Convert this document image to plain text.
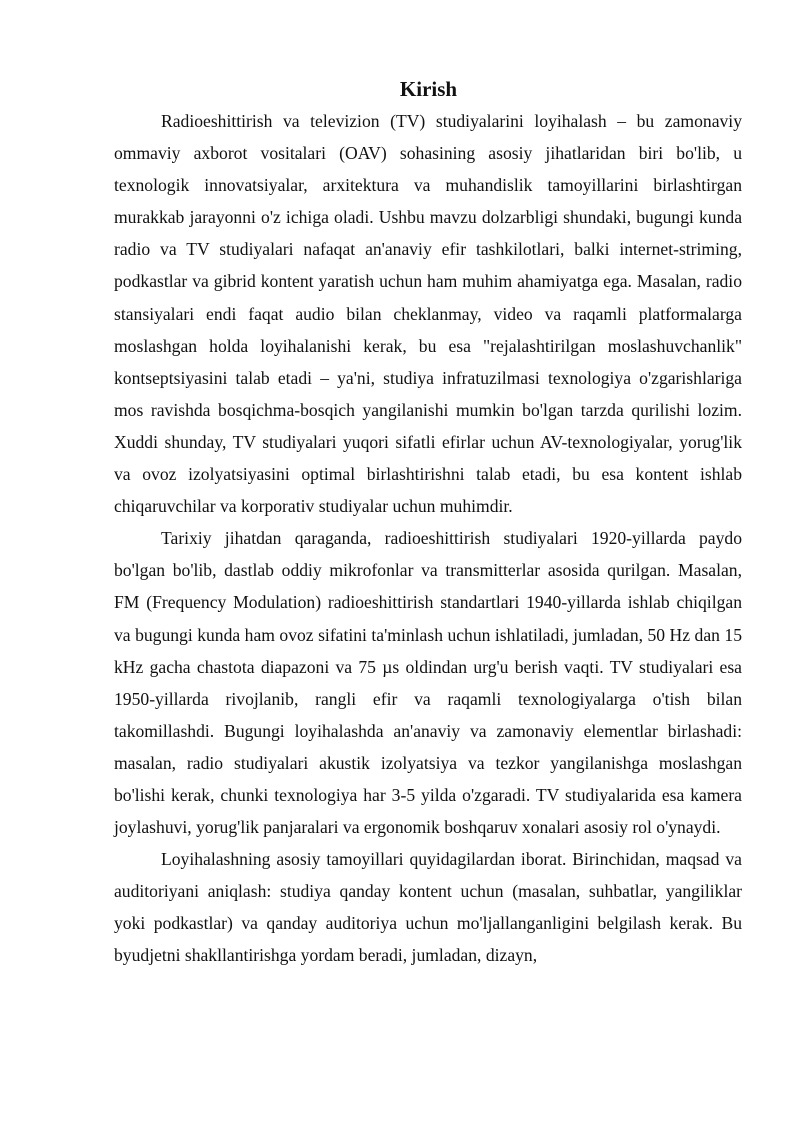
Kirish

Radioeshittirish va televizion (TV) studiyalarini loyihalash – bu zamonaviy ommaviy axborot vositalari (OAV) sohasining asosiy jihatlaridan biri bo'lib, u texnologik innovatsiyalar, arxitektura va muhandislik tamoyillarini birlashtirgan murakkab jarayonni o'z ichiga oladi. Ushbu mavzu dolzarbligi shundaki, bugungi kunda radio va TV studiyalari nafaqat an'anaviy efir tashkilotlari, balki internet-striming, podkastlar va gibrid kontent yaratish uchun ham muhim ahamiyatga ega. Masalan, radio stansiyalari endi faqat audio bilan cheklanmay, video va raqamli platformalarga moslashgan holda loyihalanishi kerak, bu esa "rejalashtirilgan moslashuvchanlik" kontseptsiyasini talab etadi – ya'ni, studiya infratuzilmasi texnologiya o'zgarishlariga mos ravishda bosqichma-bosqich yangilanishi mumkin bo'lgan tarzda qurilishi lozim. Xuddi shunday, TV studiyalari yuqori sifatli efirlar uchun AV-texnologiyalar, yorug'lik va ovoz izolyatsiyasini optimal birlashtirishni talab etadi, bu esa kontent ishlab chiqaruvchilar va korporativ studiyalar uchun muhimdir.

Tarixiy jihatdan qaraganda, radioeshittirish studiyalari 1920-yillarda paydo bo'lgan bo'lib, dastlab oddiy mikrofonlar va transmitterlar asosida qurilgan. Masalan, FM (Frequency Modulation) radioeshittirish standartlari 1940-yillarda ishlab chiqilgan va bugungi kunda ham ovoz sifatini ta'minlash uchun ishlatiladi, jumladan, 50 Hz dan 15 kHz gacha chastota diapazoni va 75 µs oldindan urg'u berish vaqti. TV studiyalari esa 1950-yillarda rivojlanib, rangli efir va raqamli texnologiyalarga o'tish bilan takomillashdi. Bugungi loyihalashda an'anaviy va zamonaviy elementlar birlashadi: masalan, radio studiyalari akustik izolyatsiya va tezkor yangilanishga moslashgan bo'lishi kerak, chunki texnologiya har 3-5 yilda o'zgaradi. TV studiyalarida esa kamera joylashuvi, yorug'lik panjaralari va ergonomik boshqaruv xonalari asosiy rol o'ynaydi.

Loyihalashning asosiy tamoyillari quyidagilardan iborat. Birinchidan, maqsad va auditoriyani aniqlash: studiya qanday kontent uchun (masalan, suhbatlar, yangiliklar yoki podkastlar) va qanday auditoriya uchun mo'ljallanganligini belgilash kerak. Bu byudjetni shakllantirishga yordam beradi, jumladan, dizayn,
